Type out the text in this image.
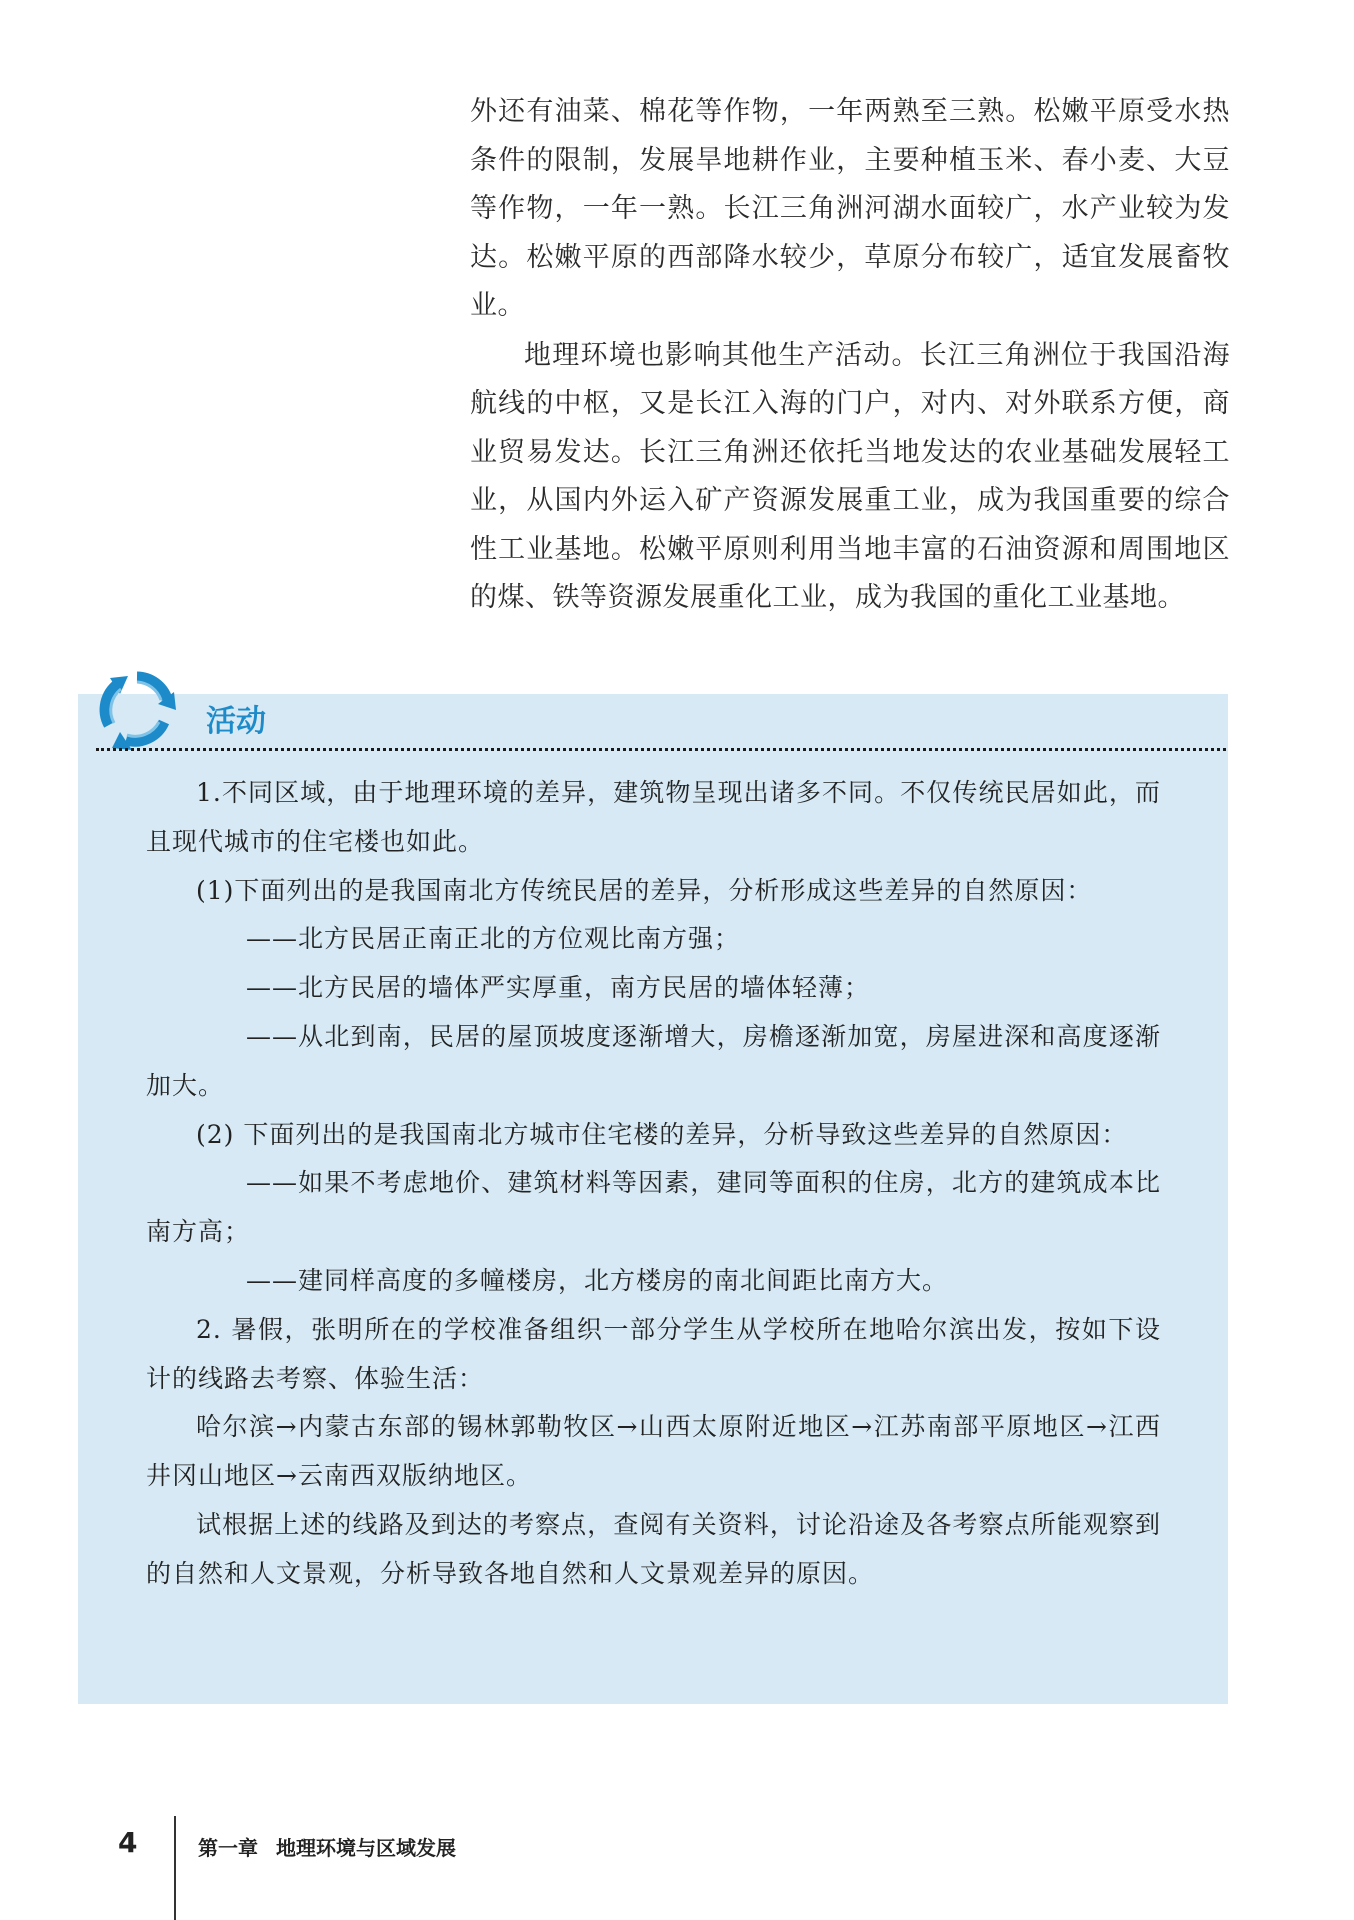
外还有油菜、棉花等作物，一年两熟至三熟。松嫩平原受水热条件的限制，发展旱地耕作业，主要种植玉米、春小麦、大豆等作物，一年一熟。长江三角洲河湖水面较广，水产业较为发达。松嫩平原的西部降水较少，草原分布较广，适宜发展畜牧业。

地理环境也影响其他生产活动。长江三角洲位于我国沿海航线的中枢，又是长江入海的门户，对内、对外联系方便，商业贸易发达。长江三角洲还依托当地发达的农业基础发展轻工业，从国内外运入矿产资源发展重工业，成为我国重要的综合性工业基地。松嫩平原则利用当地丰富的石油资源和周围地区的煤、铁等资源发展重化工业，成为我国的重化工业基地。

活动

1.不同区域，由于地理环境的差异，建筑物呈现出诸多不同。不仅传统民居如此，而且现代城市的住宅楼也如此。

(1)下面列出的是我国南北方传统民居的差异，分析形成这些差异的自然原因：

——北方民居正南正北的方位观比南方强；

——北方民居的墙体严实厚重，南方民居的墙体轻薄；

——从北到南，民居的屋顶坡度逐渐增大，房檐逐渐加宽，房屋进深和高度逐渐加大。

(2) 下面列出的是我国南北方城市住宅楼的差异，分析导致这些差异的自然原因：

——如果不考虑地价、建筑材料等因素，建同等面积的住房，北方的建筑成本比南方高；

——建同样高度的多幢楼房，北方楼房的南北间距比南方大。

2. 暑假，张明所在的学校准备组织一部分学生从学校所在地哈尔滨出发，按如下设计的线路去考察、体验生活：

哈尔滨→内蒙古东部的锡林郭勒牧区→山西太原附近地区→江苏南部平原地区→江西井冈山地区→云南西双版纳地区。

试根据上述的线路及到达的考察点，查阅有关资料，讨论沿途及各考察点所能观察到的自然和人文景观，分析导致各地自然和人文景观差异的原因。

4	第一章 地理环境与区域发展
